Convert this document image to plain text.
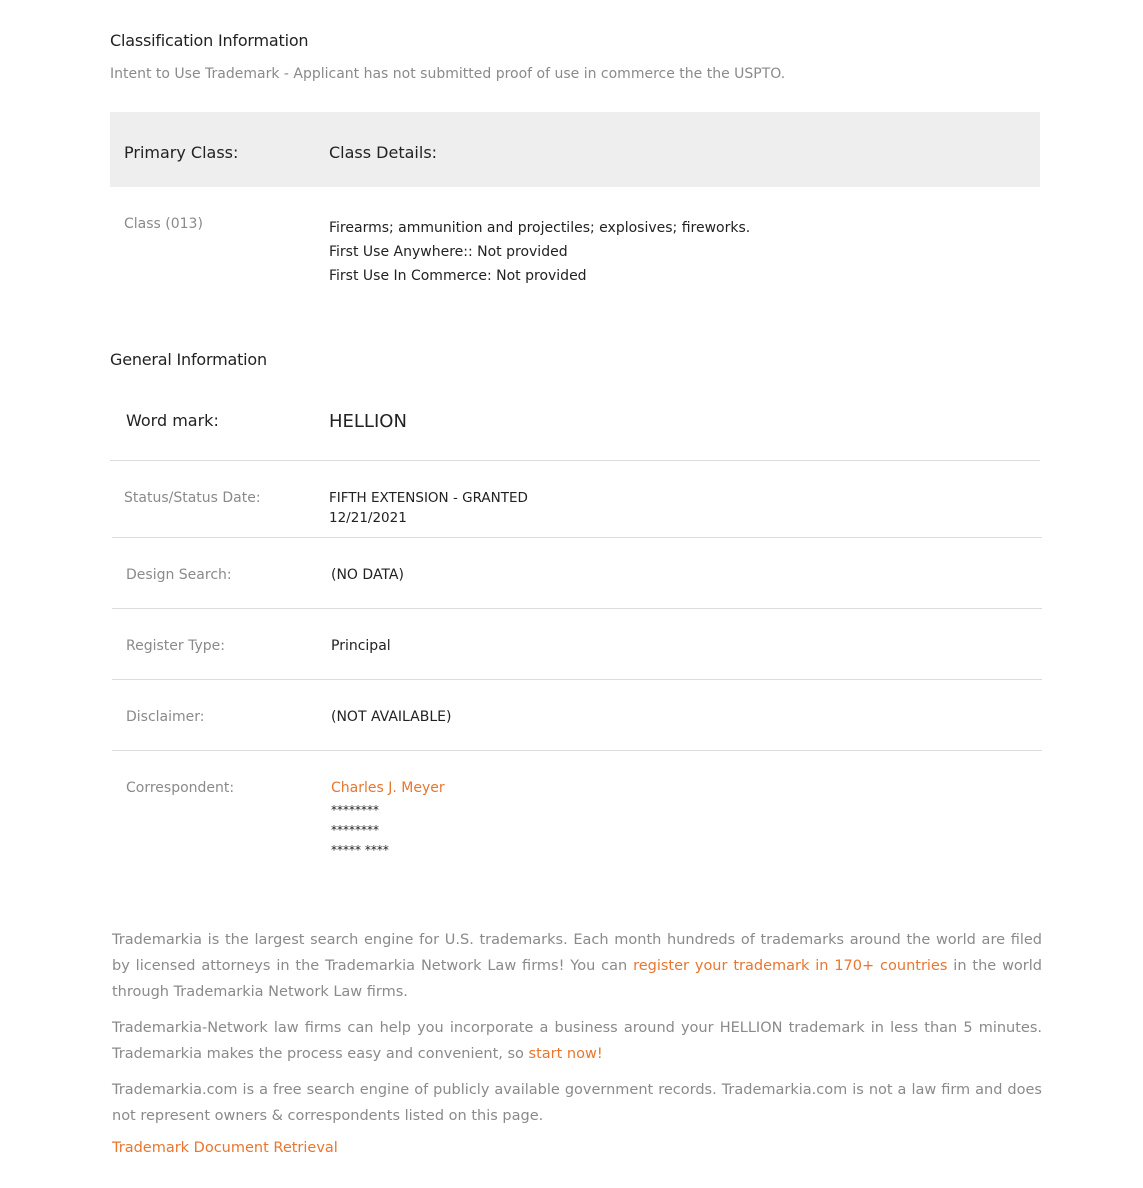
Classification Information
Intent to Use Trademark - Applicant has not submitted proof of use in commerce the the USPTO.
Primary Class:	Class Details:
Class (013)	Firearms; ammunition and projectiles; explosives; fireworks.
First Use Anywhere:: Not provided
First Use In Commerce: Not provided
General Information
Word mark:	HELLION
Status/Status Date:	FIFTH EXTENSION - GRANTED
12/21/2021
Design Search:	(NO DATA)
Register Type:	Principal
Disclaimer:	(NOT AVAILABLE)
Correspondent:	Charles J. Meyer
********
********
***** ****

Trademarkia is the largest search engine for U.S. trademarks. Each month hundreds of trademarks around the world are filed by licensed attorneys in the Trademarkia Network Law firms! You can register your trademark in 170+ countries in the world through Trademarkia Network Law firms.

Trademarkia-Network law firms can help you incorporate a business around your HELLION trademark in less than 5 minutes. Trademarkia makes the process easy and convenient, so start now!

Trademarkia.com is a free search engine of publicly available government records. Trademarkia.com is not a law firm and does not represent owners & correspondents listed on this page.

Trademark Document Retrieval
